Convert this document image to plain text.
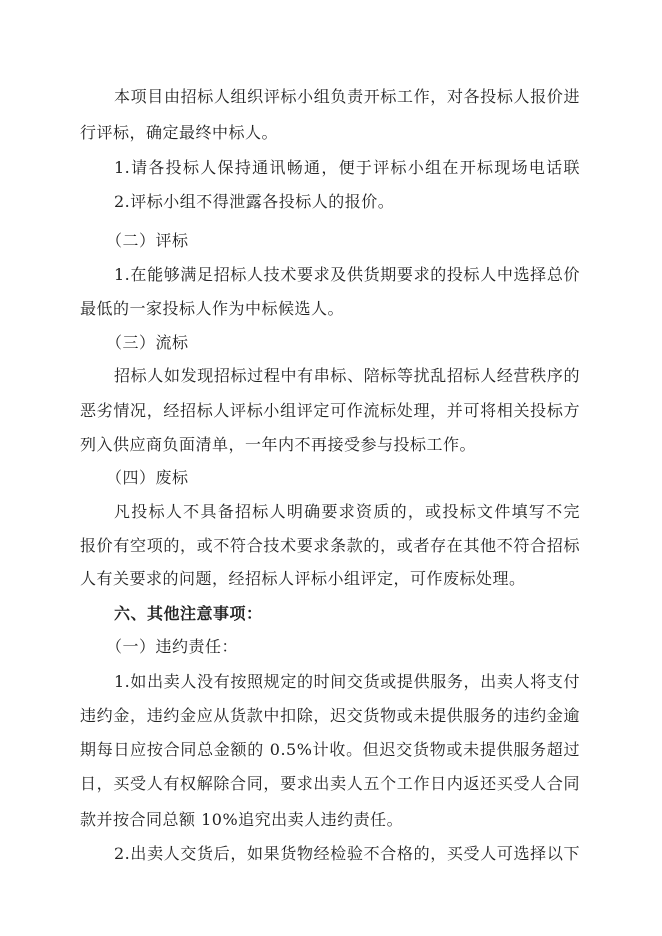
本项目由招标人组织评标小组负责开标工作，对各投标人报价进
行评标，确定最终中标人。
1.请各投标人保持通讯畅通，便于评标小组在开标现场电话联
2.评标小组不得泄露各投标人的报价。
（二）评标
1.在能够满足招标人技术要求及供货期要求的投标人中选择总价
最低的一家投标人作为中标候选人。
（三）流标
招标人如发现招标过程中有串标、陪标等扰乱招标人经营秩序的
恶劣情况，经招标人评标小组评定可作流标处理，并可将相关投标方
列入供应商负面清单，一年内不再接受参与投标工作。
（四）废标
凡投标人不具备招标人明确要求资质的，或投标文件填写不完
报价有空项的，或不符合技术要求条款的，或者存在其他不符合招标
人有关要求的问题，经招标人评标小组评定，可作废标处理。
六、其他注意事项：
（一）违约责任：
1.如出卖人没有按照规定的时间交货或提供服务，出卖人将支付
违约金，违约金应从货款中扣除，迟交货物或未提供服务的违约金逾
期每日应按合同总金额的 0.5%计收。但迟交货物或未提供服务超过
日，买受人有权解除合同，要求出卖人五个工作日内返还买受人合同
款并按合同总额 10%追究出卖人违约责任。
2.出卖人交货后，如果货物经检验不合格的，买受人可选择以下
